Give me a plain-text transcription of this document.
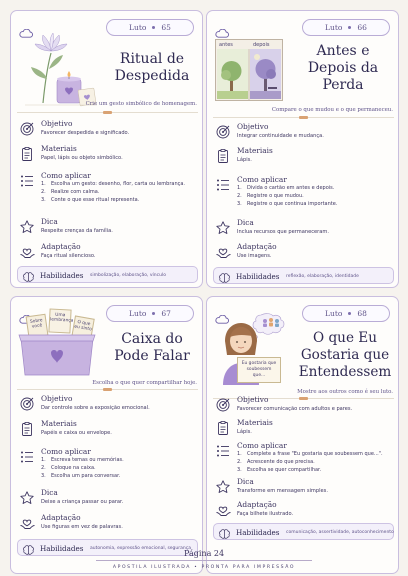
Luto 65
Ritual de
Despedida
Crie um gesto simbólico de homenagem.
Objetivo
Favorecer despedida e significado.
Materiais
Papel, lápis ou objeto simbólico.
Como aplicar
1. Escolha um gesto: desenho, flor, carta ou lembrança.
2. Realize com calma.
3. Conte o que esse ritual representa.
Dica
Respeite crenças da família.
Adaptação
Faça ritual silencioso.
Habilidades simbolização, elaboração, vínculo
Luto 66
antes	depois	Antes e
Depois da
Perda
Compare o que mudou e o que permaneceu.
Objetivo
Integrar continuidade e mudança.
Materiais
Lápis.
Como aplicar
1. Divida o cartão em antes e depois.
2. Registre o que mudou.
3. Registre o que continua importante.
Dica
Inclua recursos que permaneceram.
Adaptação
Use imagens.
Habilidades reflexão, elaboração, identidade
Luto 67
Sobre você
Uma lembrança O que eu sinto
Caixa do
Pode Falar
Escolha o que quer compartilhar hoje.
Objetivo
Dar controle sobre a exposição emocional.
Materiais
Papéis e caixa ou envelope.
Como aplicar
1. Escreva temas ou memórias.
2. Coloque na caixa.
3. Escolha um para conversar.
Dica
Deixe a criança passar ou parar.
Adaptação
Use figuras em vez de palavras.
Habilidades autonomia, expressão emocional, segurança
Luto 68
Eu gostaria que soubessem que...
O que Eu
Gostaria que
Entendessem
Mostre aos outros como é seu luto.
Objetivo
Favorecer comunicação com adultos e pares.
Materiais
Lápis.
Como aplicar
1. Complete a frase "Eu gostaria que soubessem que...".
2. Acrescente do que precisa.
3. Escolha se quer compartilhar.
Dica
Transforme em mensagem simples.
Adaptação
Faça bilhete ilustrado.
Habilidades comunicação, assertividade, autoconhecimento
Página 24
APOSTILA ILUSTRADA • PRONTA PARA IMPRESSÃO
